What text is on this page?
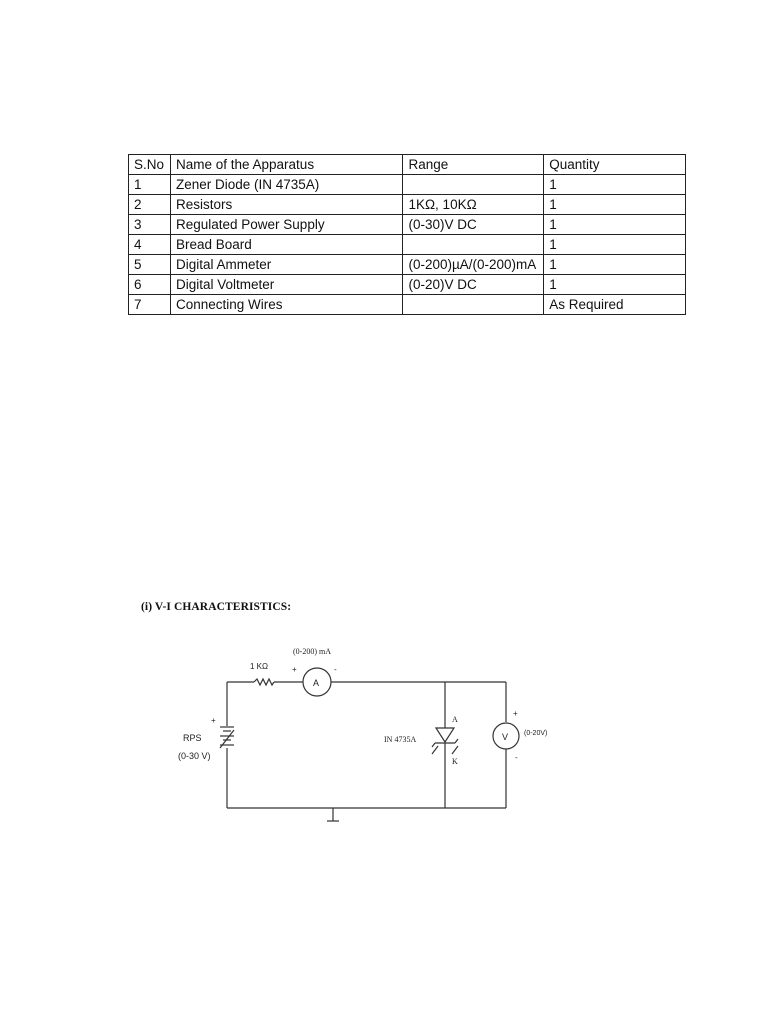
S.No	Name of the Apparatus	Range	Quantity
1	Zener Diode (IN 4735A)		1
2	Resistors	1KΩ, 10KΩ	1
3	Regulated Power Supply	(0-30)V DC	1
4	Bread Board		1
5	Digital Ammeter	(0-200)µA/(0-200)mA	1
6	Digital Voltmeter	(0-20)V DC	1
7	Connecting Wires		As Required
(i) V-I CHARACTERISTICS:
(0-200) mA
1 KΩ	+	-
A
+
RPS
(0-30 V)
IN 4735A
A
K
+
V (0-20V)
-
